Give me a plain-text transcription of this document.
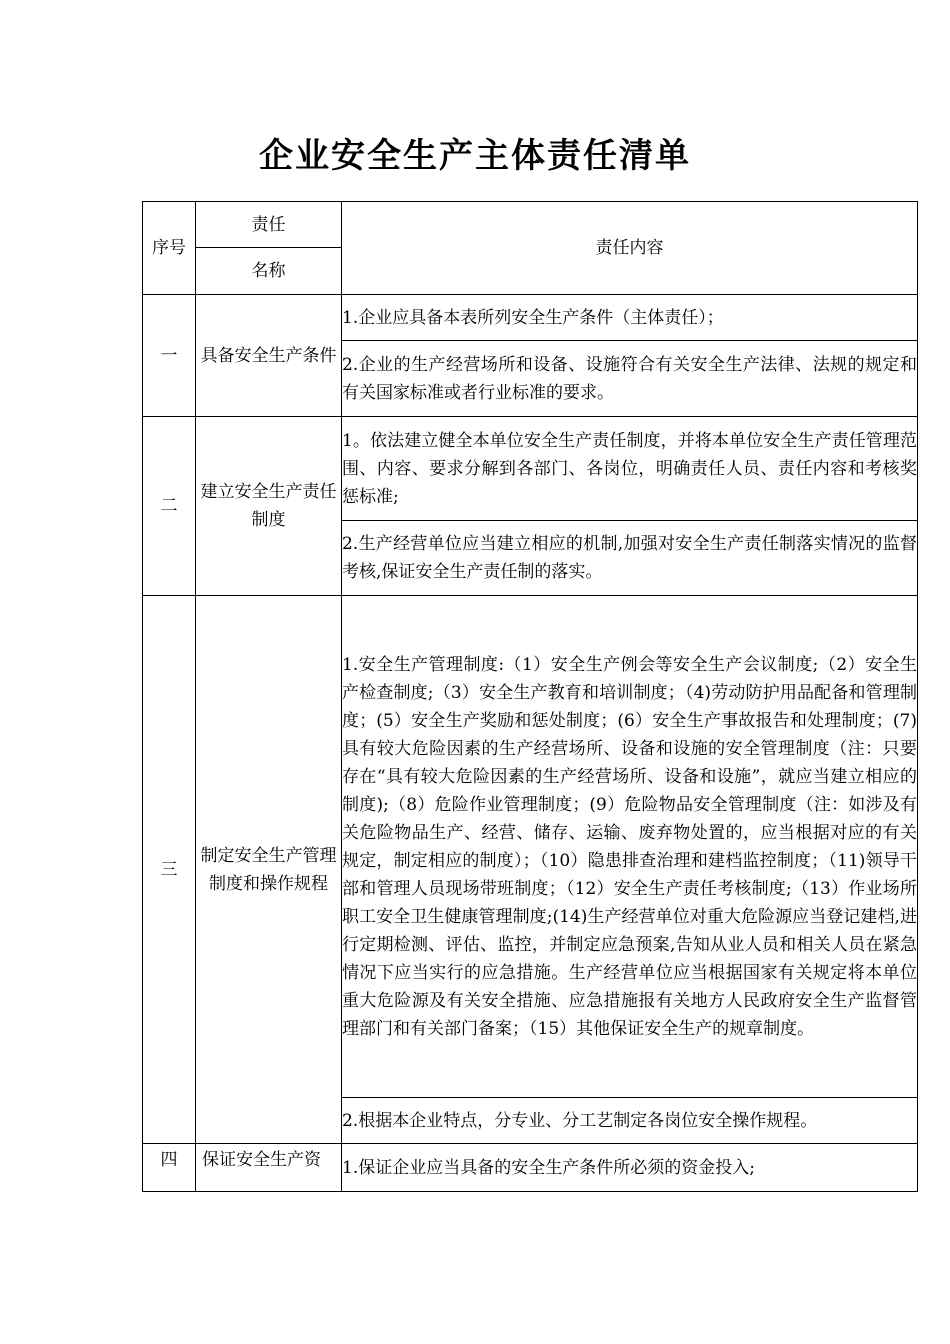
企业安全生产主体责任清单
序号	责任	责任内容
	名称	
一	具备安全生产条件	1.企业应具备本表所列安全生产条件（主体责任）；

		2.企业的生产经营场所和设备、设施符合有关安全生产法律、法规的规定和有关国家标准或者行业标准的要求。

二	建立安全生产责任制度	1。依法建立健全本单位安全生产责任制度，并将本单位安全生产责任管理范围、内容、要求分解到各部门、各岗位，明确责任人员、责任内容和考核奖惩标准;

		2.生产经营单位应当建立相应的机制,加强对安全生产责任制落实情况的监督考核,保证安全生产责任制的落实。

三	制定安全生产管理制度和操作规程	1.安全生产管理制度:（1）安全生产例会等安全生产会议制度;（2）安全生产检查制度;（3）安全生产教育和培训制度；（4)劳动防护用品配备和管理制度；(5）安全生产奖励和惩处制度；(6）安全生产事故报告和处理制度；(7)具有较大危险因素的生产经营场所、设备和设施的安全管理制度（注：只要存在“具有较大危险因素的生产经营场所、设备和设施”，就应当建立相应的制度);（8）危险作业管理制度；(9）危险物品安全管理制度（注：如涉及有关危险物品生产、经营、储存、运输、废弃物处置的，应当根据对应的有关规定，制定相应的制度）；（10）隐患排查治理和建档监控制度；（11)领导干部和管理人员现场带班制度；（12）安全生产责任考核制度;（13）作业场所职工安全卫生健康管理制度;(14)生产经营单位对重大危险源应当登记建档,进行定期检测、评估、监控，并制定应急预案,告知从业人员和相关人员在紧急情况下应当实行的应急措施。生产经营单位应当根据国家有关规定将本单位重大危险源及有关安全措施、应急措施报有关地方人民政府安全生产监督管理部门和有关部门备案；（15）其他保证安全生产的规章制度。

		2.根据本企业特点，分专业、分工艺制定各岗位安全操作规程。

四	保证安全生产资	1.保证企业应当具备的安全生产条件所必须的资金投入;
